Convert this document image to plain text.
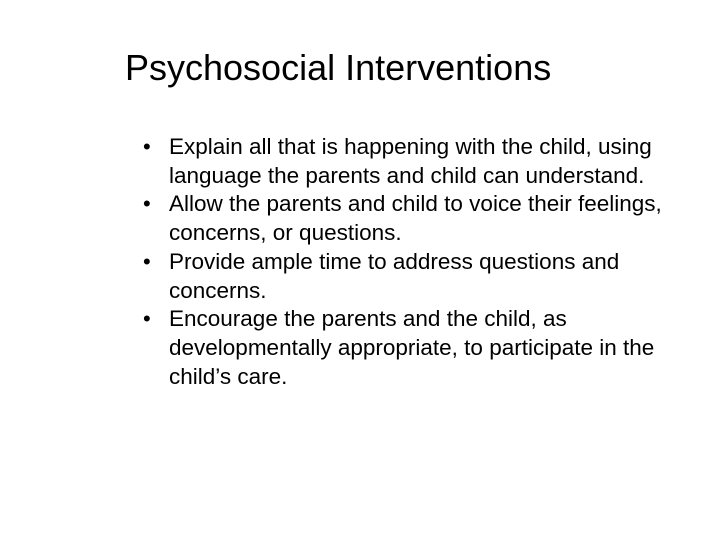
Psychosocial Interventions
• Explain all that is happening with the child, using language the parents and child can understand.
• Allow the parents and child to voice their feelings, concerns, or questions.
• Provide ample time to address questions and concerns.
• Encourage the parents and the child, as developmentally appropriate, to participate in the child’s care.
